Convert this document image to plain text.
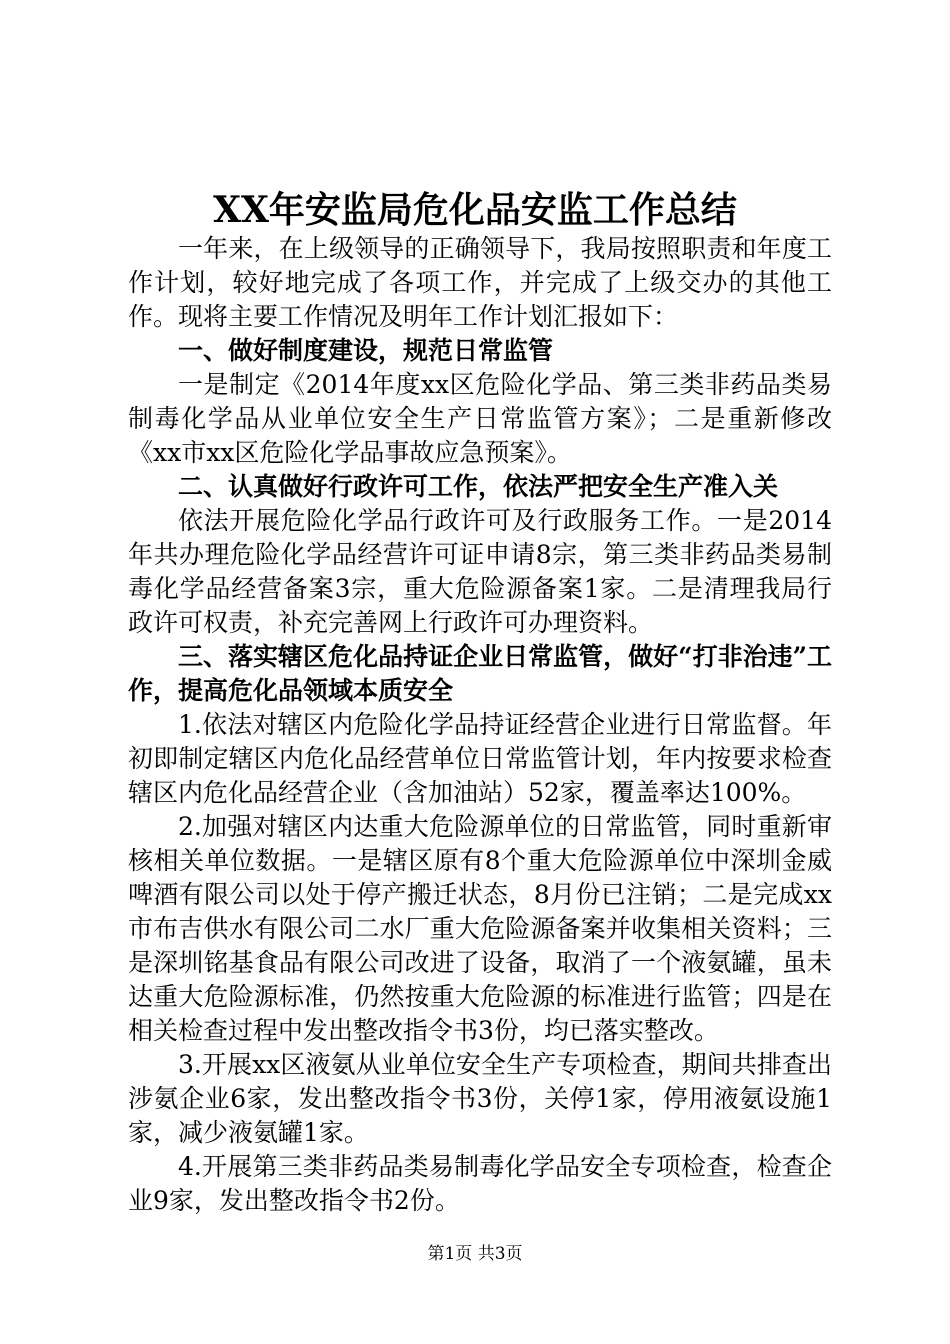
XX年安监局危化品安监工作总结

一年来，在上级领导的正确领导下，我局按照职责和年度工作计划，较好地完成了各项工作，并完成了上级交办的其他工作。现将主要工作情况及明年工作计划汇报如下：

一、做好制度建设，规范日常监管

一是制定《2014年度xx区危险化学品、第三类非药品类易制毒化学品从业单位安全生产日常监管方案》；二是重新修改《xx市xx区危险化学品事故应急预案》。

二、认真做好行政许可工作，依法严把安全生产准入关

依法开展危险化学品行政许可及行政服务工作。一是2014年共办理危险化学品经营许可证申请8宗，第三类非药品类易制毒化学品经营备案3宗，重大危险源备案1家。二是清理我局行政许可权责，补充完善网上行政许可办理资料。

三、落实辖区危化品持证企业日常监管，做好“打非治违”工作，提高危化品领域本质安全

1.依法对辖区内危险化学品持证经营企业进行日常监督。年初即制定辖区内危化品经营单位日常监管计划，年内按要求检查辖区内危化品经营企业（含加油站）52家，覆盖率达100%。

2.加强对辖区内达重大危险源单位的日常监管，同时重新审核相关单位数据。一是辖区原有8个重大危险源单位中深圳金威啤酒有限公司以处于停产搬迁状态，8月份已注销；二是完成xx市布吉供水有限公司二水厂重大危险源备案并收集相关资料；三是深圳铭基食品有限公司改进了设备，取消了一个液氨罐，虽未达重大危险源标准，仍然按重大危险源的标准进行监管；四是在相关检查过程中发出整改指令书3份，均已落实整改。

3.开展xx区液氨从业单位安全生产专项检查，期间共排查出涉氨企业6家，发出整改指令书3份，关停1家，停用液氨设施1家，减少液氨罐1家。

4.开展第三类非药品类易制毒化学品安全专项检查，检查企业9家，发出整改指令书2份。

第1页 共3页
